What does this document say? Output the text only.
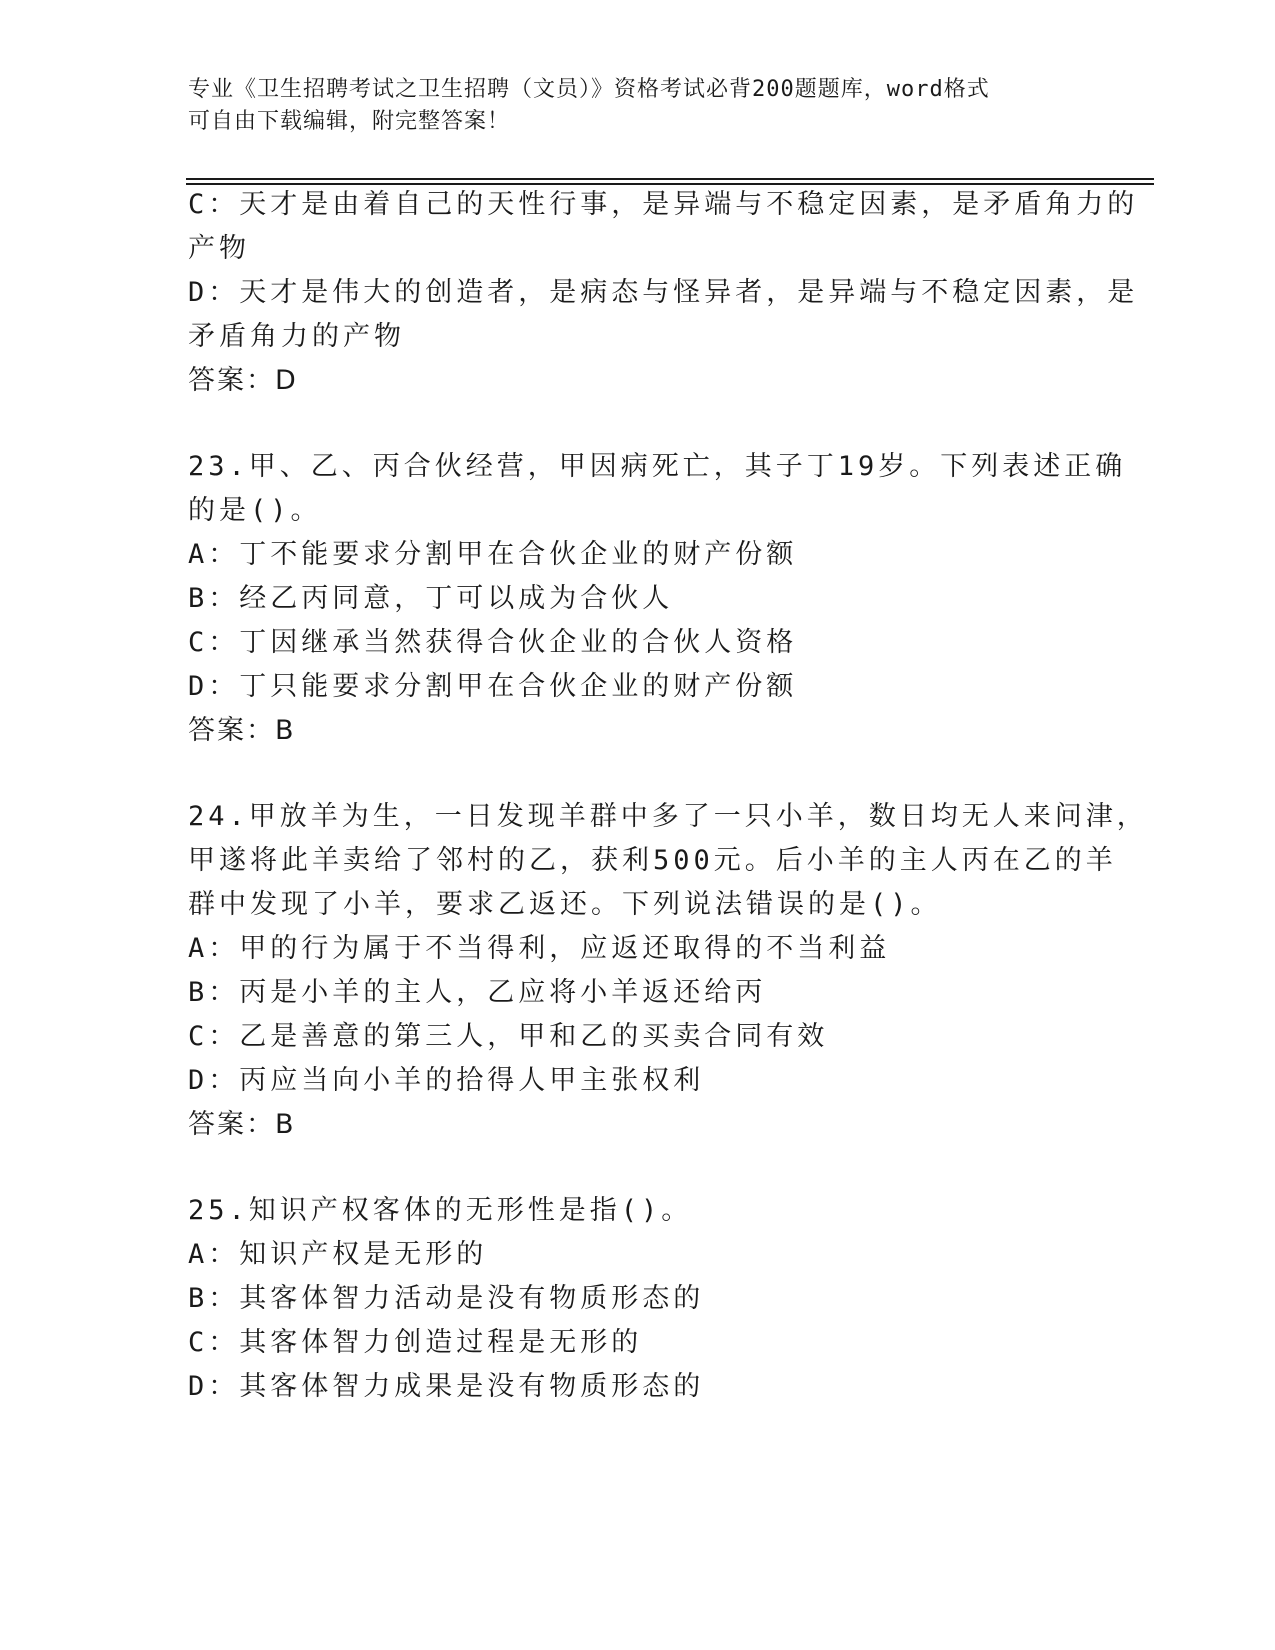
专业《卫生招聘考试之卫生招聘（文员）》资格考试必背200题题库，word格式
可自由下载编辑，附完整答案！
C：天才是由着自己的天性行事，是异端与不稳定因素，是矛盾角力的
产物
D：天才是伟大的创造者，是病态与怪异者，是异端与不稳定因素，是
矛盾角力的产物
答案：D
23.甲、乙、丙合伙经营，甲因病死亡，其子丁19岁。下列表述正确
的是()。
A：丁不能要求分割甲在合伙企业的财产份额
B：经乙丙同意，丁可以成为合伙人
C：丁因继承当然获得合伙企业的合伙人资格
D：丁只能要求分割甲在合伙企业的财产份额
答案：B
24.甲放羊为生，一日发现羊群中多了一只小羊，数日均无人来问津，
甲遂将此羊卖给了邻村的乙，获利500元。后小羊的主人丙在乙的羊
群中发现了小羊，要求乙返还。下列说法错误的是()。
A：甲的行为属于不当得利，应返还取得的不当利益
B：丙是小羊的主人，乙应将小羊返还给丙
C：乙是善意的第三人，甲和乙的买卖合同有效
D：丙应当向小羊的拾得人甲主张权利
答案：B
25.知识产权客体的无形性是指()。
A：知识产权是无形的
B：其客体智力活动是没有物质形态的
C：其客体智力创造过程是无形的
D：其客体智力成果是没有物质形态的
